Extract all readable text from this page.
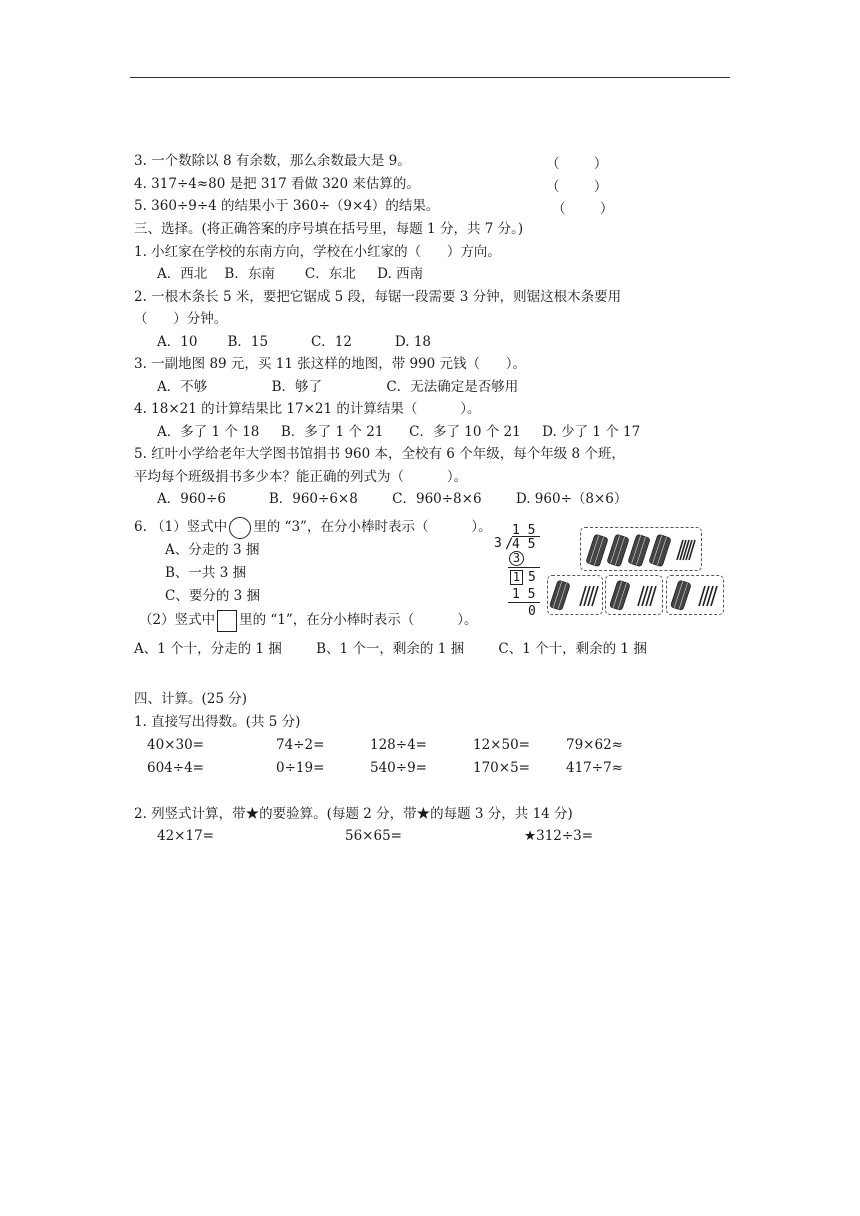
3. 一个数除以 8 有余数，那么余数最大是 9。	（        ）
4. 317÷4≈80 是把 317 看做 320 来估算的。	（        ）
5. 360÷9÷4 的结果小于 360÷（9×4）的结果。	（        ）
三、选择。(将正确答案的序号填在括号里，每题 1 分，共 7 分。)
1. 小红家在学校的东南方向，学校在小红家的（      ）方向。
A．西北    B．东南       C．东北     D. 西南
2. 一根木条长 5 米，要把它锯成 5 段，每锯一段需要 3 分钟，则锯这根木条要用
（      ）分钟。
A．10       B．15          C．12          D. 18
3. 一副地图 89 元，买 11 张这样的地图，带 990 元钱（      ）。
A．不够               B．够了               C．无法确定是否够用
4. 18×21 的计算结果比 17×21 的计算结果（          ）。
A．多了 1 个 18     B．多了 1 个 21      C．多了 10 个 21     D. 少了 1 个 17
5. 红叶小学给老年大学图书馆捐书 960 本，全校有 6 个年级，每个年级 8 个班，
平均每个班级捐书多少本？能正确的列式为（          ）。
A．960÷6          B．960÷6×8        C．960÷8×6        D. 960÷（8×6）
6. （1）竖式中 里的 “3”，在分小棒时表示（          ）。
A、分走的 3 捆
B、一共 3 捆
C、要分的 3 捆
（2）竖式中 里的 “1”，在分小棒时表示（          ）。
A、1 个十，分走的 1 捆        B、1 个一，剩余的 1 捆        C、1 个十，剩余的 1 捆
1 5
3 /
4 5
3
1 5
1 5
0
四、计算。(25 分)
1. 直接写出得数。(共 5 分)
40×30=	74÷2=	128÷4=	12×50=	79×62≈
604÷4=	0÷19=	540÷9=	170×5=	417÷7≈
2. 列竖式计算，带★的要验算。(每题 2 分，带★的每题 3 分，共 14 分)
42×17=	56×65=	★312÷3=
